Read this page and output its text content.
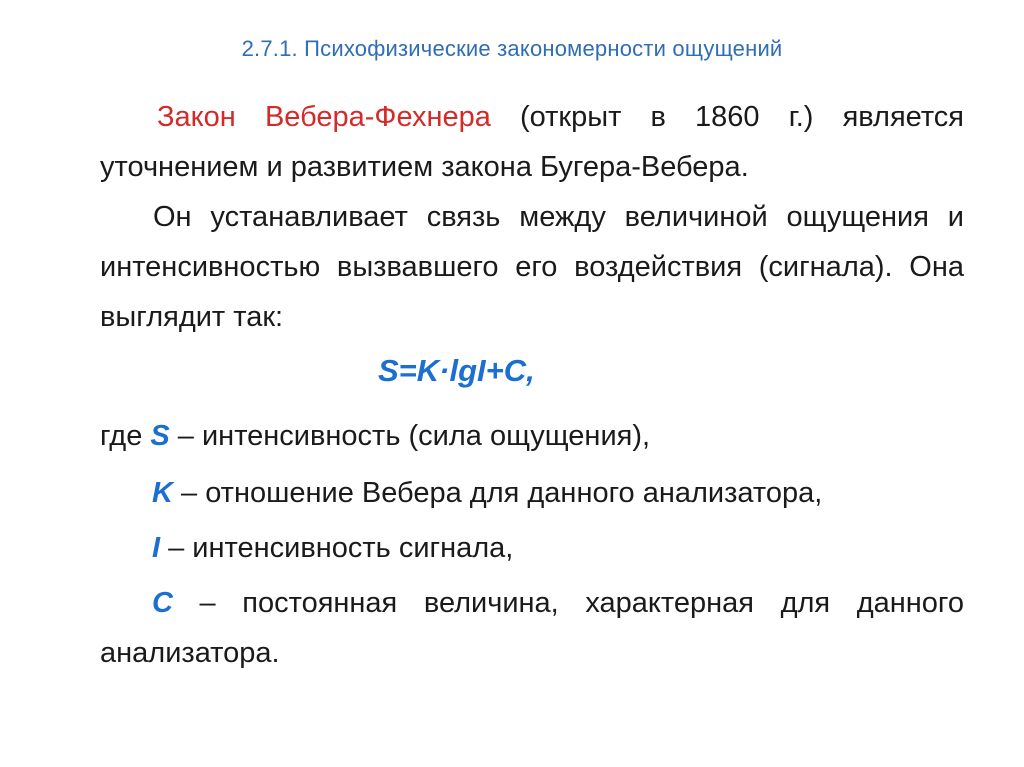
2.7.1. Психофизические закономерности ощущений
Закон Вебера-Фехнера (открыт в 1860 г.) является уточнением и развитием закона Бугера-Вебера.
Он устанавливает связь между величиной ощущения и интенсивностью вызвавшего его воздействия (сигнала). Она выглядит так:
S=K·lgI+C,
где S – интенсивность (сила ощущения),
K – отношение Вебера для данного анализатора,
I – интенсивность сигнала,
C – постоянная величина, характерная для данного анализатора.
